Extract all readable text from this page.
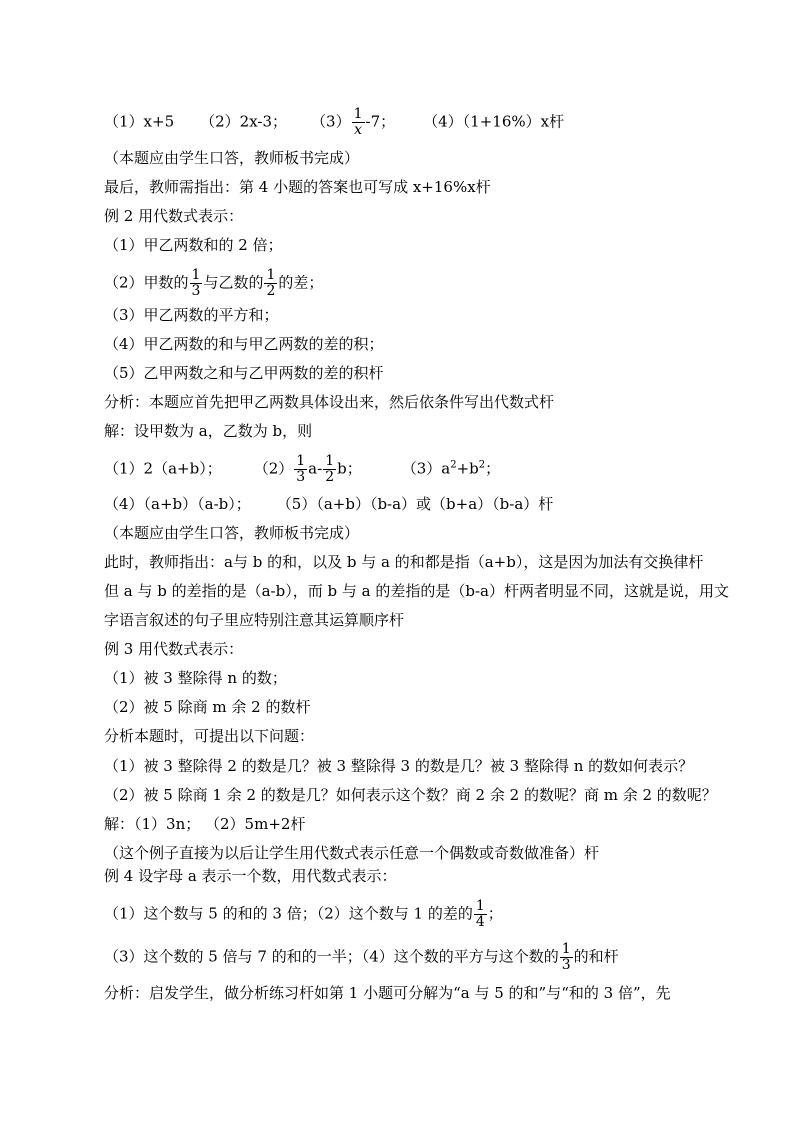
（1）x+5 （2）2x-3； $(3) \frac{1}{x} -7$； （4）（1+16%）x杆
（本题应由学生口答，教师板书完成）
最后，教师需指出：第 4 小题的答案也可写成 x+16%x杆
例 2 用代数式表示：
（1）甲乙两数和的 2 倍；
（2）甲数的 $\frac{1}{3}$ 与乙数的 $\frac{1}{2}$ 的差；
（3）甲乙两数的平方和；
（4）甲乙两数的和与甲乙两数的差的积；
（5）乙甲两数之和与乙甲两数的差的积杆
分析：本题应首先把甲乙两数具体设出来，然后依条件写出代数式杆
解：设甲数为 a，乙数为 b，则
（1）2（a+b）； $(2) \frac{1}{3} a- \frac{1}{2}$ b；	$(3)a^2+b^2$；
（4）（a+b）（a-b）； （5）（a+b）（b-a）或（b+a）（b-a）杆
（本题应由学生口答，教师板书完成）
此时，教师指出：a与 b 的和，以及 b 与 a 的和都是指（a+b），这是因为加法有交换律杆
但 a 与 b 的差指的是（a-b），而 b 与 a 的差指的是（b-a）杆两者明显不同，这就是说，用文
字语言叙述的句子里应特别注意其运算顺序杆
例 3 用代数式表示：
（1）被 3 整除得 n 的数；
（2）被 5 除商 m 余 2 的数杆
分析本题时，可提出以下问题：
（1）被 3 整除得 2 的数是几？被 3 整除得 3 的数是几？被 3 整除得 n 的数如何表示？
（2）被 5 除商 1 余 2 的数是几？如何表示这个数？商 2 余 2 的数呢？商 m 余 2 的数呢？
解：（1）3n； （2）5m+2杆
（这个例子直接为以后让学生用代数式表示任意一个偶数或奇数做准备）杆
例 4 设字母 a 表示一个数，用代数式表示：
（1）这个数与 5 的和的 3 倍；（2）这个数与 1 的差的 $\frac{1}{4}$ ；
（3）这个数的 5 倍与 7 的和的一半；（4）这个数的平方与这个数的 $\frac{1}{3}$ 的和杆
分析：启发学生，做分析练习杆如第 1 小题可分解为“a 与 5 的和”与“和的 3 倍”，先
